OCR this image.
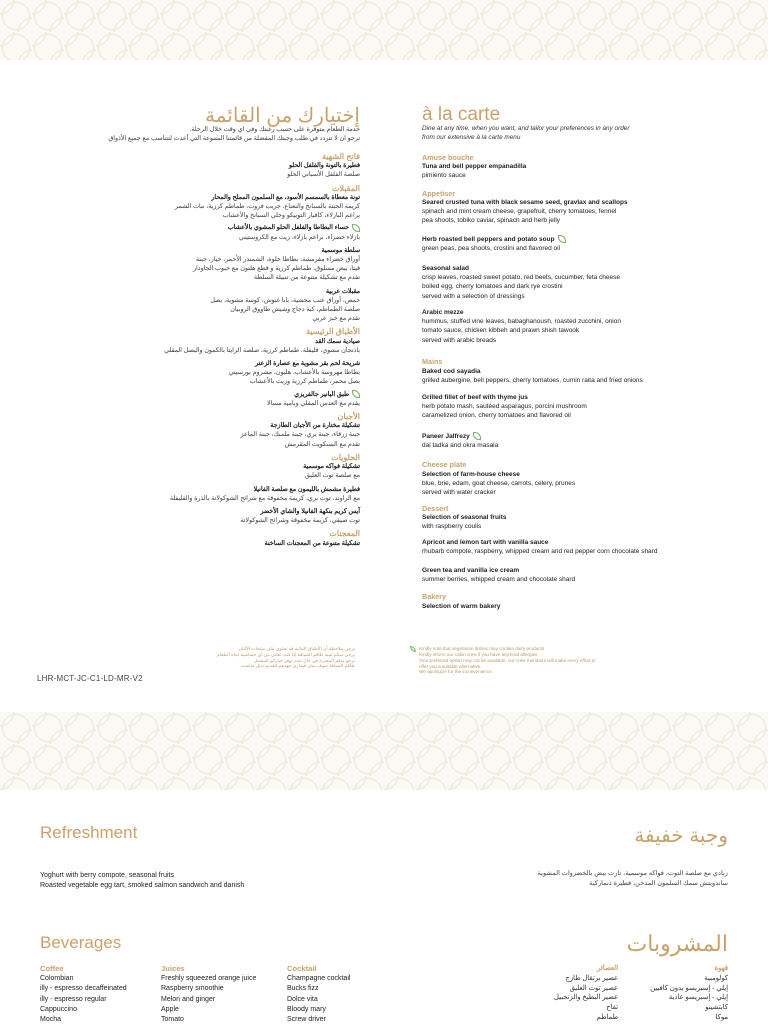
إختيارك من القائمة	à la carte
خدمة الطعام متوفرة على حسب رغبتك وفي اي وقت خلال الرحلة.
نرجو ان لا تتردد في طلب وجبتك المفضلة من قائمتنا المتنوعة التي أعدت لتتناسب مع جميع الأذواق
Dine at any time, when you want, and tailor your preferences in any order
from our extensive à la carte menu
Amuse bouche
Tuna and bell pepper empanadilla
pimiento sauce
Appetiser
Seared crusted tuna with black sesame seed, gravlax and scallops
spinach and mint cream cheese, grapefruit, cherry tomatoes, fennel
pea shoots, tobiko caviar, spinach and herb jelly
Herb roasted bell peppers and potato soup
green peas, pea shoots, crostini and flavored oil
Seasonal salad
crisp leaves, roasted sweet potato, red beets, cucumber, feta cheese
boiled egg, cherry tomatoes and dark rye crostini
served with a selection of dressings
Arabic mezze
hummus, stuffed vine leaves, babaghanoush, roasted zucchini, onion
tomato sauce, chicken kibbeh and prawn shish tawook
served with arabic breads
Mains
Baked cod sayadia
grilled aubergine, bell peppers, cherry tomatoes, cumin raita and fried onions
Grilled fillet of beef with thyme jus
herb potato mash, sautéed asparagus, porcini mushroom
caramelized onion, cherry tomatoes and flavored oil
Paneer Jalfrezy
dal tadka and okra masala
Cheese plate
Selection of farm-house cheese
blue, brie, edam, goat cheese, carrots, celery, prunes
served with water cracker
Dessert
Selection of seasonal fruits
with raspberry coulis
Apricot and lemon tart with vanilla sauce
rhubarb compote, raspberry, whipped cream and red pepper corn chocolate shard
Green tea and vanilla ice cream
summer berries, whipped cream and chocolate shard
Bakery
Selection of warm bakery
فاتح الشهية
فطيرة بالتونة والفلفل الحلو
صلصة الفلفل الأسباني الحلو
المقبلات
تونة معطاة بالسمسم الأسود، مع السلمون المملح والمحار
كريمة الجبنة بالسبانخ والنعناع، جريب فروت، طماطم كرزية، نبات الشمر
براعم البازلاء، كافيار التوبيكو وجلي السبانخ والأعشاب
حساء البطاطا والفلفل الحلو المشوي بالأعشاب
بازلاء خضراء، براعم بازلاء، زيت مع الكروستيني
سلطة موسمية
أوراق خضراء مقرمشة، بطاطا حلوة، الشمندر الأحمر، خيار، جبنة
فيتا، بيض مسلوق، طماطم كرزية و قطع هلتون مع حبوب الجاودار
تقدم مع تشكيلة متنوعة من تتبيلة السلطة
مقبلات عربية
حمص، أوراق عنب محشية، بابا غنوش، كوسة مشوية، بصل
صلصة الطماطم، كبة دجاج وشيش طاووق الروبيان
تقدم مع خبز عربي
الأطباق الرئيسية
صيادية سمك القد
باذنجان مشوي، فليفلة، طماطم كرزية، صلصة الرايتا بالكمون والبصل المقلي
شريحة لحم بقر مشوية مع عصارة الزعتر
بطاطا مهروسة بالأعشاب، هليون، مشروم بورسيني
بصل محمر، طماطم كرزية وزيت بالأعشاب
طبق البانير جالفريزي
يقدم مع العدس المقلي وبامية مسالا
الأجبان
تشكيلة مختارة من الأجبان الطازجة
جبنة زرقاء، جبنة بري، جبنة ملمنك، جبنة الماعز
تقدم مع البسكويت المقرمش
الحلويات
تشكيلة فواكه موسمية
مع صلصة توت العليق
فطيرة مشمش بالليمون مع صلصة الفانيلا
مع الراوند، توت بري، كريمة مخفوقة مع شرائح الشوكولاتة بالذرة والفليفلة
آيس كريم بنكهة الفانيلا والشاي الأخضر
توت صيفي، كريمة مخفوقة وشرائح الشوكولاتة
المعجنات
تشكيلة متنوعة من المعجنات الساخنة
يرجى ملاحظة أن الأطباق النباتية قد تحتوي على منتجات الألبان
يرجى منكم تنبيه طاقم الضيافة إذا كنت تعاني من أي حساسية تجاه الطعام
نرجو منكم المعذرة في حال عدم توفر خياركم المفضل
طاقم الضيافة سوف يبذل قصارى جهدهم لتقديم بديل مناسب
Kindly note that vegetarian dishes may contain dairy products
Kindly inform our cabin crew if you have any food allergies
Your preferred option may not be available, our crew members will make every effort to
offer you a suitable alternative.
We apologize for the inconvenience.
LHR-MCT-JC-C1-LD-MR-V2
Refreshment	وجبة خفيفة
Yoghurt with berry compote, seasonal fruits
Roasted vegetable egg tart, smoked salmon sandwich and danish
زبادي مع صلصة التوت، فواكه موسمية، تارت بيض بالخضروات المشوية
ساندويتش سمك السلمون المدخن، فطيرة دنماركية
Beverages	المشروبات
Coffee
Colombian
illy - espresso decaffeinated
illy - espresso regular
Cappuccino
Mocha
Juices
Freshly squeezed orange juice
Raspberry smoothie
Melon and ginger
Apple
Tomato
Cocktail
Champagne cocktail
Bucks fizz
Dolce vita
Bloody mary
Screw driver
العصائر
عصير برتقال طازج
عصير توت العليق
عصير البطيخ والزنجبيل
تفاح
طماطم
قهوة
كولومبية
إيلي - إسبريسو بدون كافيين
إيلي - إسبريسو عادية
كابتشينو
موكا
